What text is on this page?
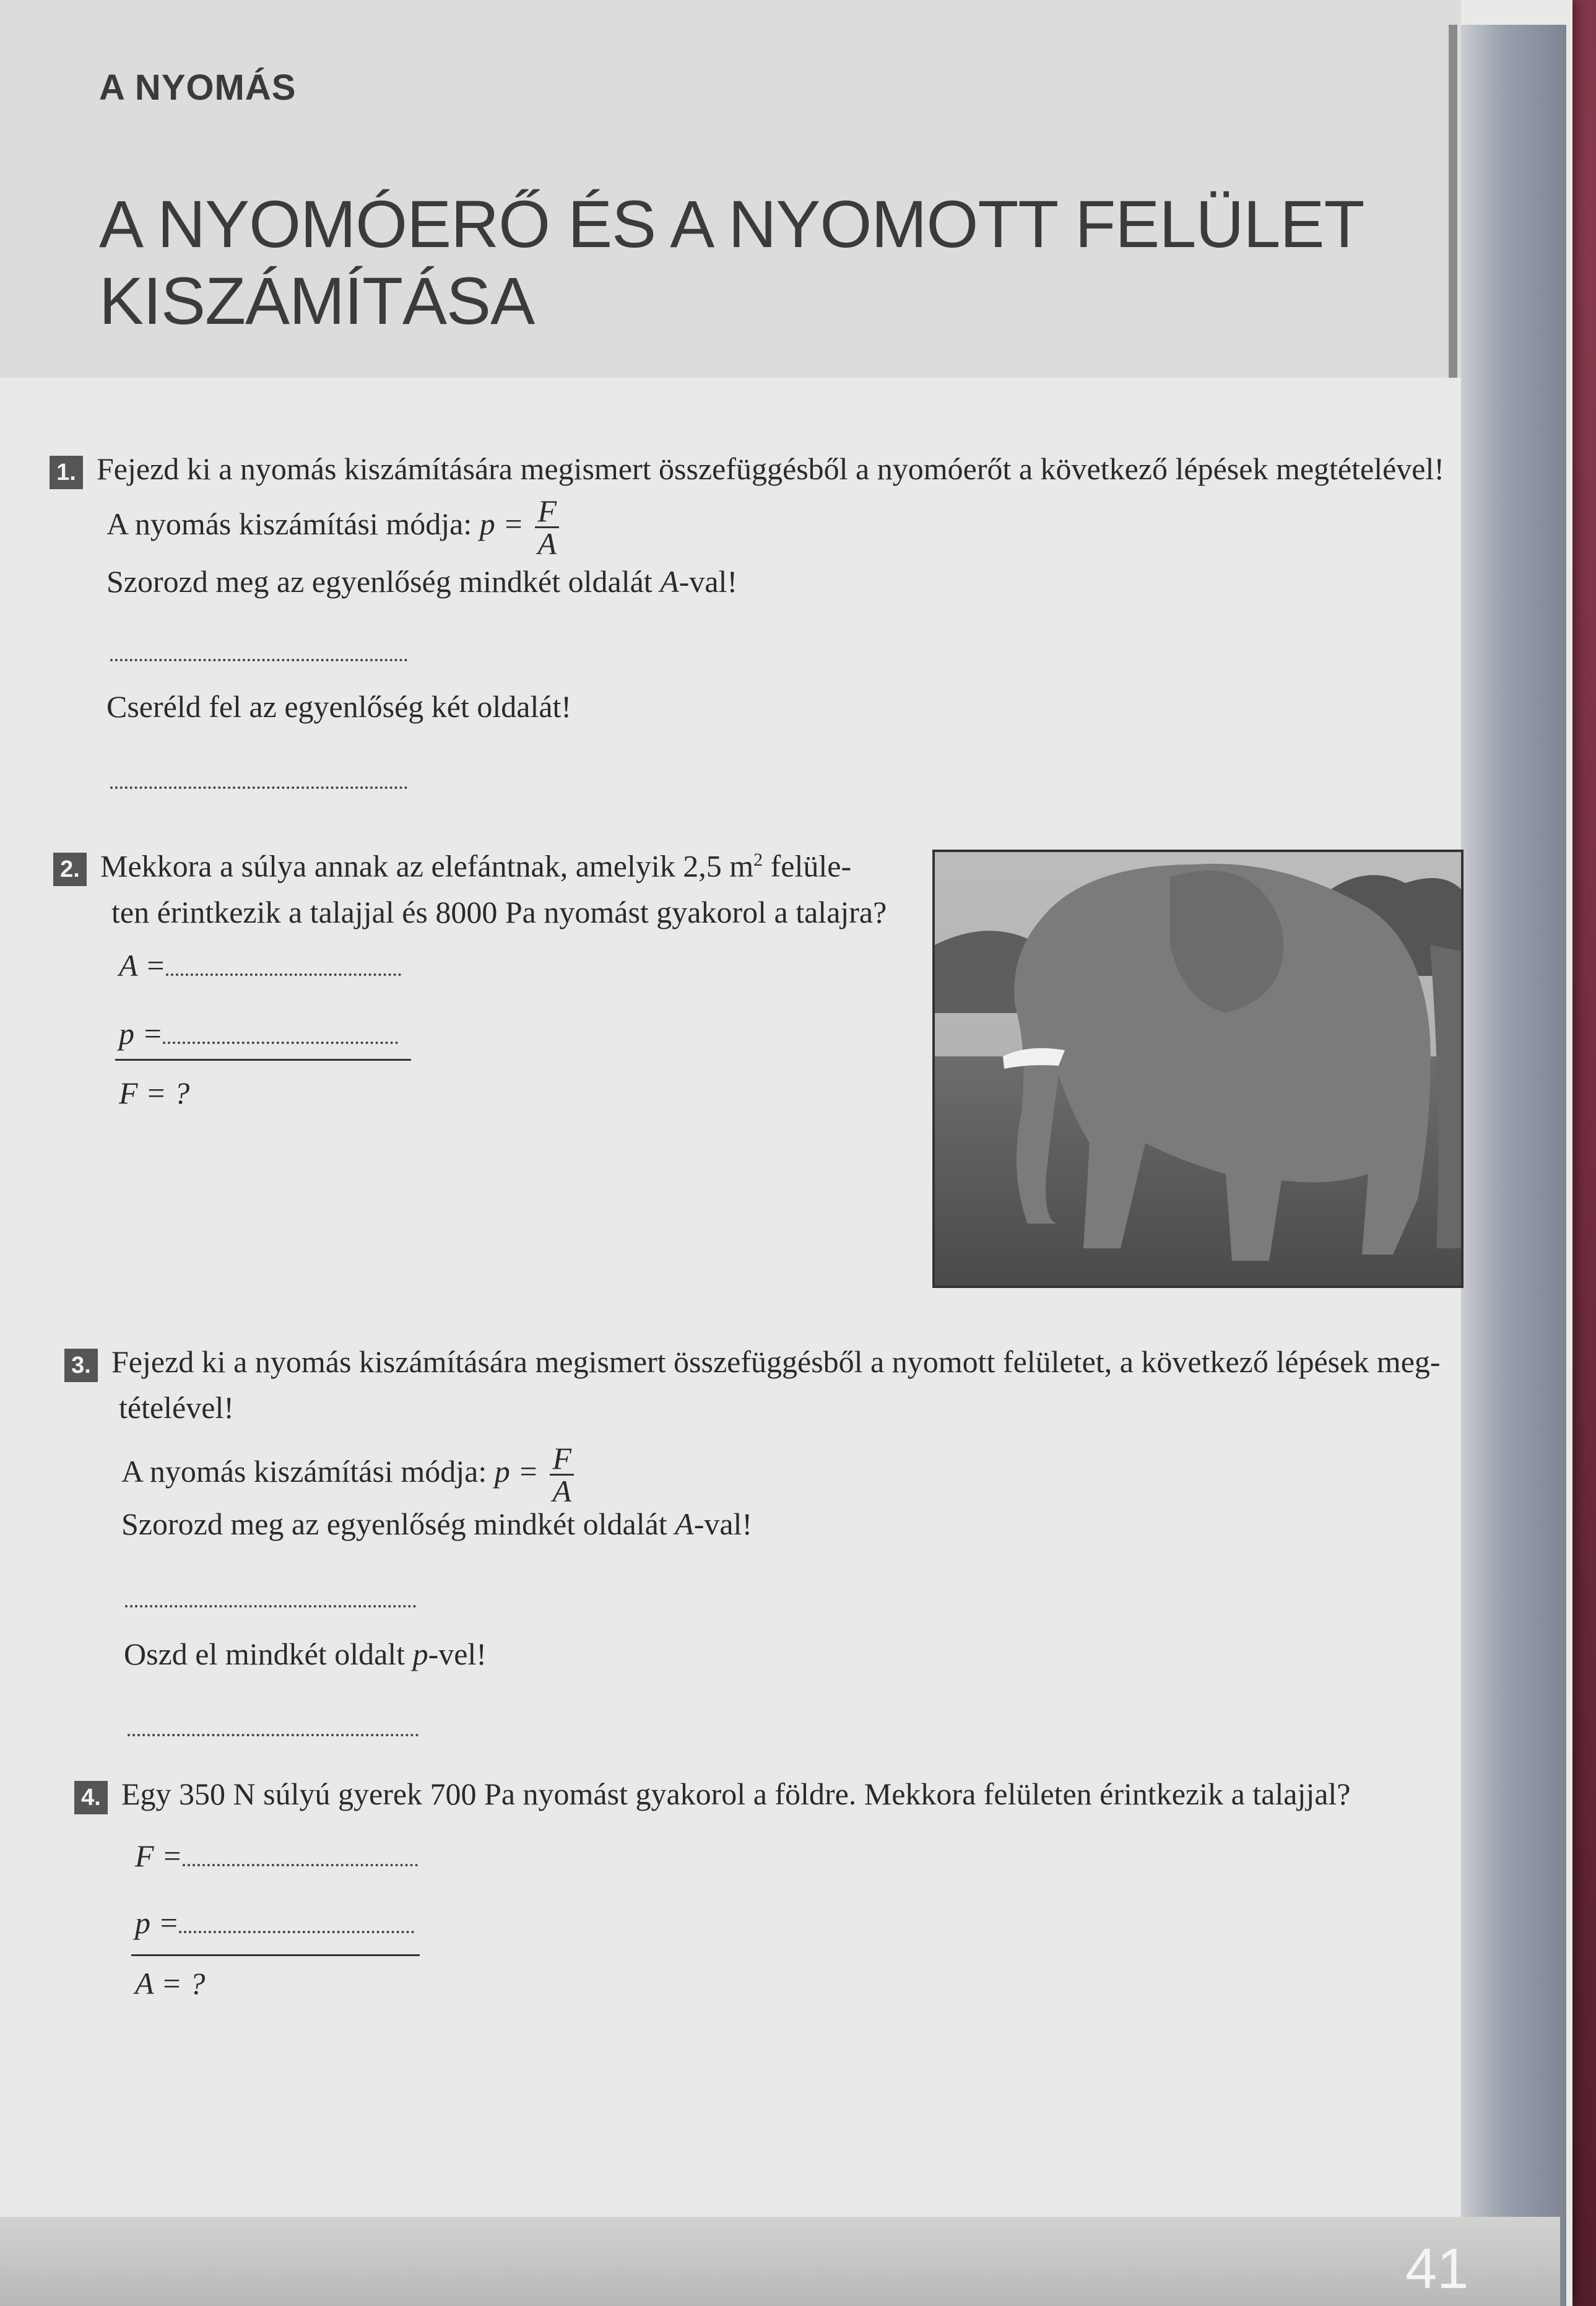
A NYOMÁS
A NYOMÓERŐ ÉS A NYOMOTT FELÜLET
KISZÁMÍTÁSA
1. Fejezd ki a nyomás kiszámítására megismert összefüggésből a nyomóerőt a következő lépések megtételével!
A nyomás kiszámítási módja: $p = \frac{F}{A}$
Szorozd meg az egyenlőség mindkét oldalát A-val!
Cseréld fel az egyenlőség két oldalát!
2. Mekkora a súlya annak az elefántnak, amelyik 2,5 $m^2$ felüle-
ten érintkezik a talajjal és 8000 Pa nyomást gyakorol a talajra?
A =
p =
F = ?
3. Fejezd ki a nyomás kiszámítására megismert összefüggésből a nyomott felületet, a következő lépések meg-
tételével!
A nyomás kiszámítási módja: $p = \frac{F}{A}$
Szorozd meg az egyenlőség mindkét oldalát A-val!
Oszd el mindkét oldalt p-vel!
4. Egy 350 N súlyú gyerek 700 Pa nyomást gyakorol a földre. Mekkora felületen érintkezik a talajjal?
F =
p =
A = ?
41
